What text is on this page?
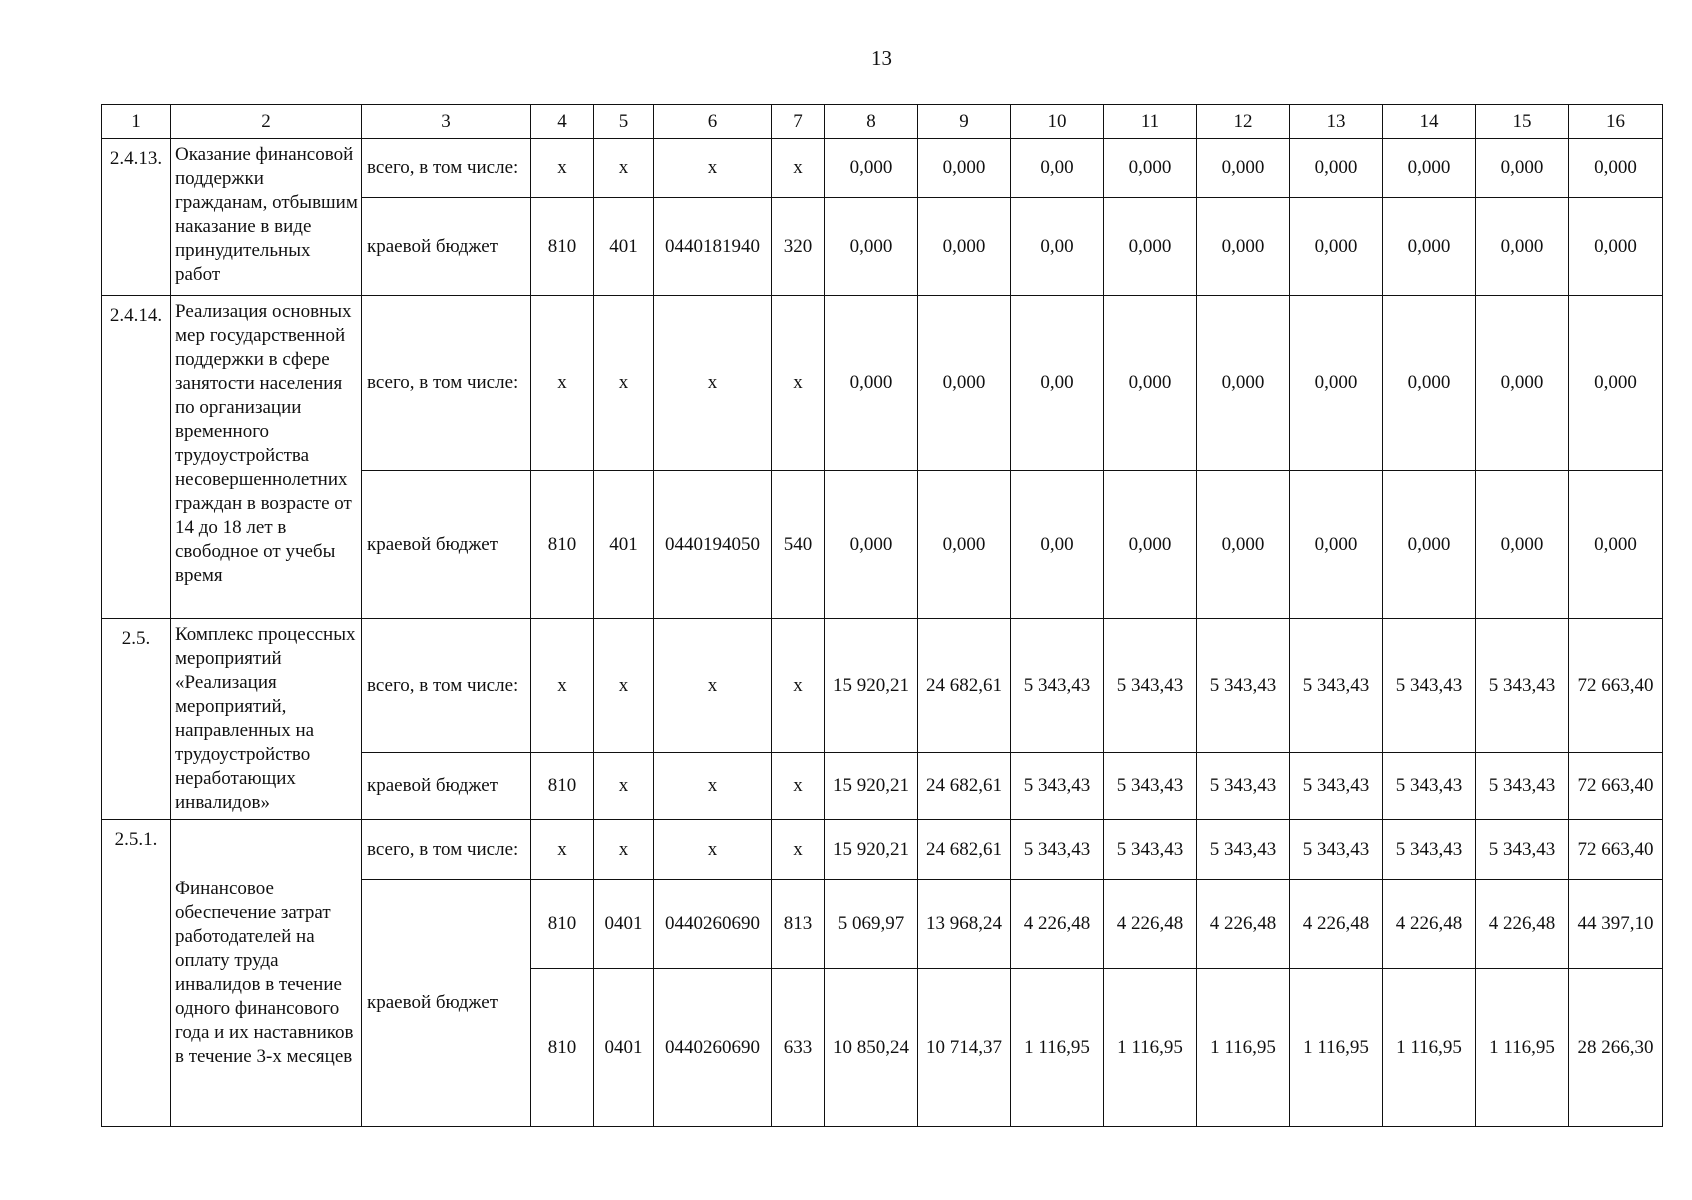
13
1	2	3	4	5	6	7	8	9	10	11	12	13	14	15	16
2.4.13.	Оказание финансовой поддержки гражданам, отбывшим наказание в виде принудительных работ	всего, в том числе:	х	х	х	х	0,000	0,000	0,00	0,000	0,000	0,000	0,000	0,000	0,000
		краевой бюджет	810	401	0440181940	320	0,000	0,000	0,00	0,000	0,000	0,000	0,000	0,000	0,000
2.4.14.	Реализация основных мер государственной поддержки в сфере занятости населения по организации временного трудоустройства несовершеннолетних граждан в возрасте от 14 до 18 лет в свободное от учебы время	всего, в том числе:	х	х	х	х	0,000	0,000	0,00	0,000	0,000	0,000	0,000	0,000	0,000
		краевой бюджет	810	401	0440194050	540	0,000	0,000	0,00	0,000	0,000	0,000	0,000	0,000	0,000
2.5.	Комплекс процессных мероприятий «Реализация мероприятий, направленных на трудоустройство неработающих инвалидов»	всего, в том числе:	х	х	х	х	15 920,21	24 682,61	5 343,43	5 343,43	5 343,43	5 343,43	5 343,43	5 343,43	72 663,40
		краевой бюджет	810	х	х	х	15 920,21	24 682,61	5 343,43	5 343,43	5 343,43	5 343,43	5 343,43	5 343,43	72 663,40
2.5.1.	Финансовое обеспечение затрат работодателей на оплату труда инвалидов в течение одного финансового года и их наставников в течение 3-х месяцев	всего, в том числе:	х	х	х	х	15 920,21	24 682,61	5 343,43	5 343,43	5 343,43	5 343,43	5 343,43	5 343,43	72 663,40
		краевой бюджет	810	0401	0440260690	813	5 069,97	13 968,24	4 226,48	4 226,48	4 226,48	4 226,48	4 226,48	4 226,48	44 397,10
			810	0401	0440260690	633	10 850,24	10 714,37	1 116,95	1 116,95	1 116,95	1 116,95	1 116,95	1 116,95	28 266,30
